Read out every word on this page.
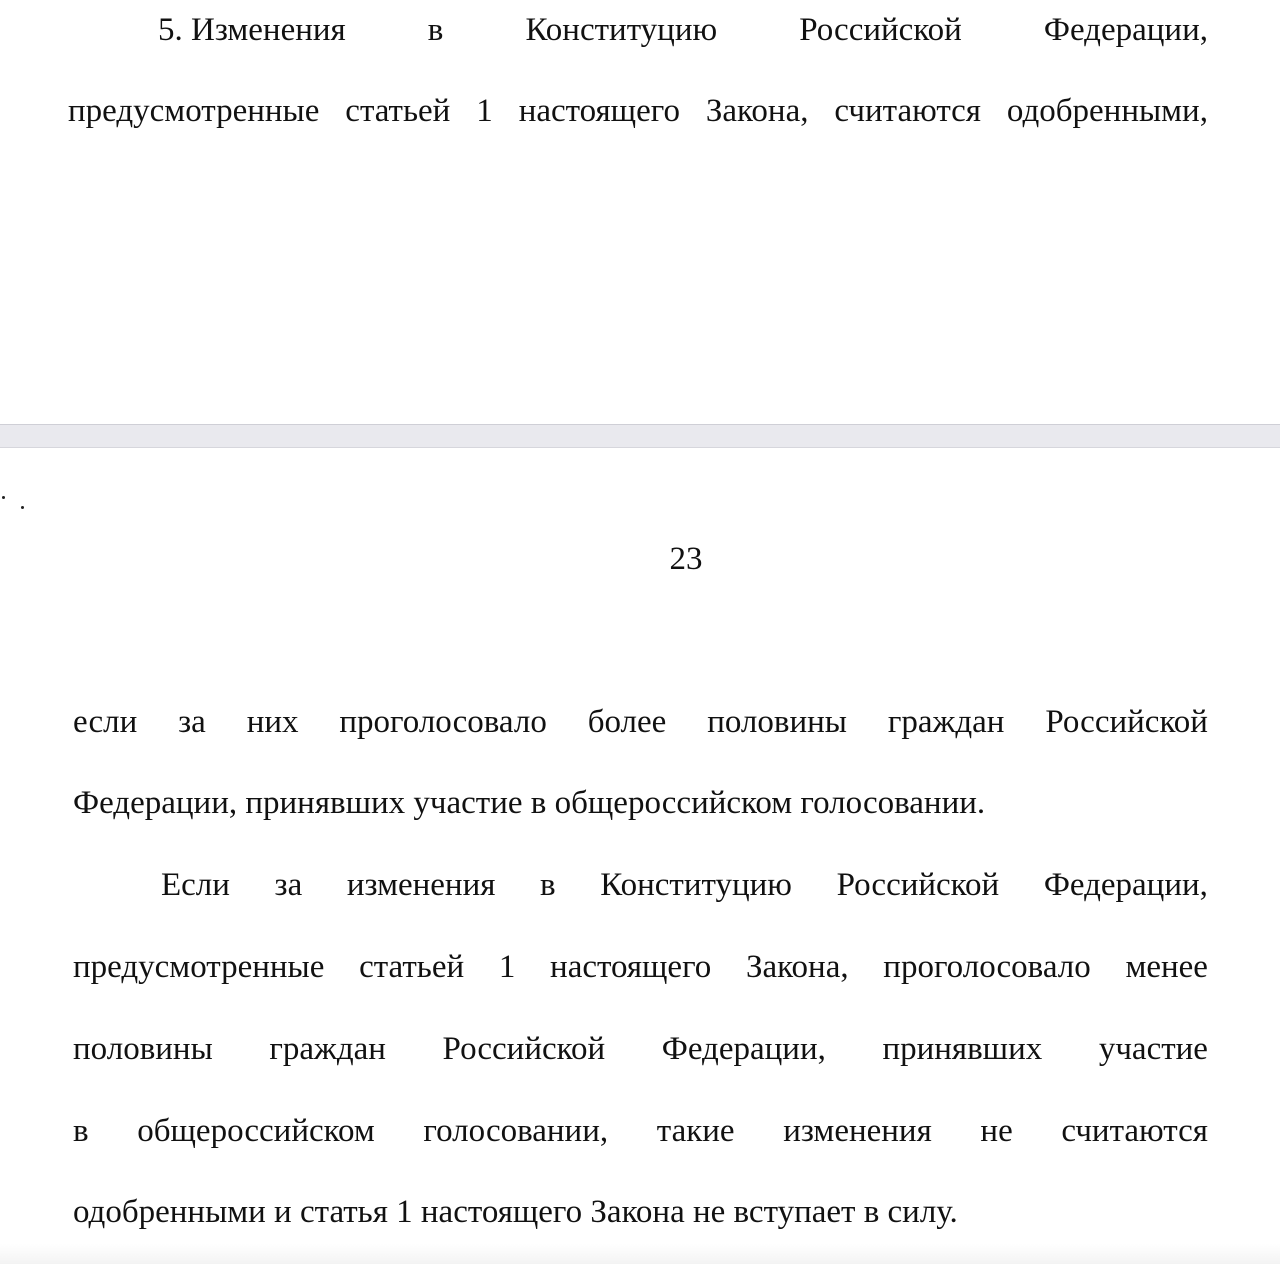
5. Изменения в Конституцию Российской Федерации,
предусмотренные статьей 1 настоящего Закона, считаются одобренными,
23
если за них проголосовало более половины граждан Российской
Федерации, принявших участие в общероссийском голосовании.
Если за изменения в Конституцию Российской Федерации,
предусмотренные статьей 1 настоящего Закона, проголосовало менее
половины граждан Российской Федерации, принявших участие
в общероссийском голосовании, такие изменения не считаются
одобренными и статья 1 настоящего Закона не вступает в силу.
